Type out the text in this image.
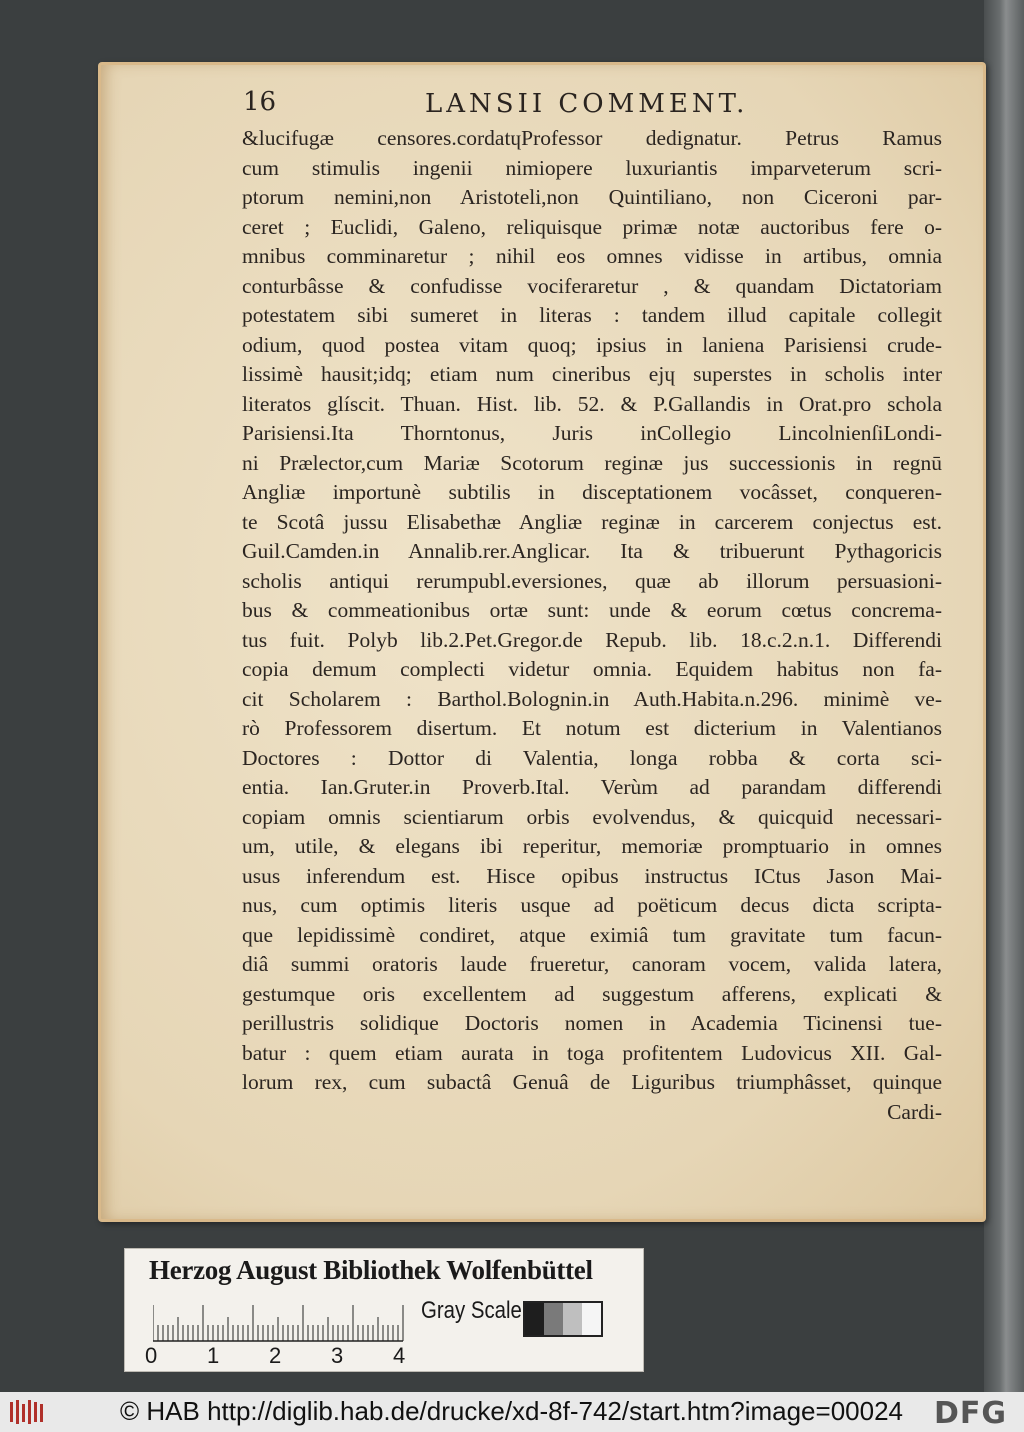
16	LANSII COMMENT.
&lucifugæ censores.cordatɥProfessor dedignatur. Petrus Ramus
cum stimulis ingenii nimiopere luxuriantis imparveterum scri-
ptorum nemini,non Aristoteli,non Quintiliano, non Ciceroni par-
ceret ; Euclidi, Galeno, reliquisque primæ notæ auctoribus fere o-
mnibus comminaretur ; nihil eos omnes vidisse in artibus, omnia
conturbâsse & confudisse vociferaretur , & quandam Dictatoriam
potestatem sibi sumeret in literas : tandem illud capitale collegit
odium, quod postea vitam quoq; ipsius in laniena Parisiensi crude-
lissimè hausit;idq; etiam num cineribus ejɥ superstes in scholis inter
literatos glíscit. Thuan. Hist. lib. 52. & P.Gallandis in Orat.pro schola
Parisiensi.Ita Thorntonus, Juris inCollegio LincolnienſiLondi-
ni Prælector,cum Mariæ Scotorum reginæ jus successionis in regnū
Angliæ importunè subtilis in disceptationem vocâsset, conqueren-
te Scotâ jussu Elisabethæ Angliæ reginæ in carcerem conjectus est.
Guil.Camden.in Annalib.rer.Anglicar. Ita & tribuerunt Pythagoricis
scholis antiqui rerumpubl.eversiones, quæ ab illorum persuasioni-
bus & commeationibus ortæ sunt: unde & eorum cœtus concrema-
tus fuit. Polyb lib.2.Pet.Gregor.de Repub. lib. 18.c.2.n.1. Differendi
copia demum complecti videtur omnia. Equidem habitus non fa-
cit Scholarem : Barthol.Bolognin.in Auth.Habita.n.296. minimè ve-
rò Professorem disertum. Et notum est dicterium in Valentianos
Doctores : Dottor di Valentia, longa robba & corta sci-
entia. Ian.Gruter.in Proverb.Ital. Verùm ad parandam differendi
copiam omnis scientiarum orbis evolvendus, & quicquid necessari-
um, utile, & elegans ibi reperitur, memoriæ promptuario in omnes
usus inferendum est. Hisce opibus instructus ICtus Jason Mai-
nus, cum optimis literis usque ad poëticum decus dicta scripta-
que lepidissimè condiret, atque eximiâ tum gravitate tum facun-
diâ summi oratoris laude frueretur, canoram vocem, valida latera,
gestumque oris excellentem ad suggestum afferens, explicati &
perillustris solidique Doctoris nomen in Academia Ticinensi tue-
batur : quem etiam aurata in toga profitentem Ludovicus XII. Gal-
lorum rex, cum subactâ Genuâ de Liguribus triumphâsset, quinque
Cardi-
Herzog August Bibliothek Wolfenbüttel
0 1 2 3 4
Gray Scale
© HAB http://diglib.hab.de/drucke/xd-8f-742/start.htm?image=00024	DFG
